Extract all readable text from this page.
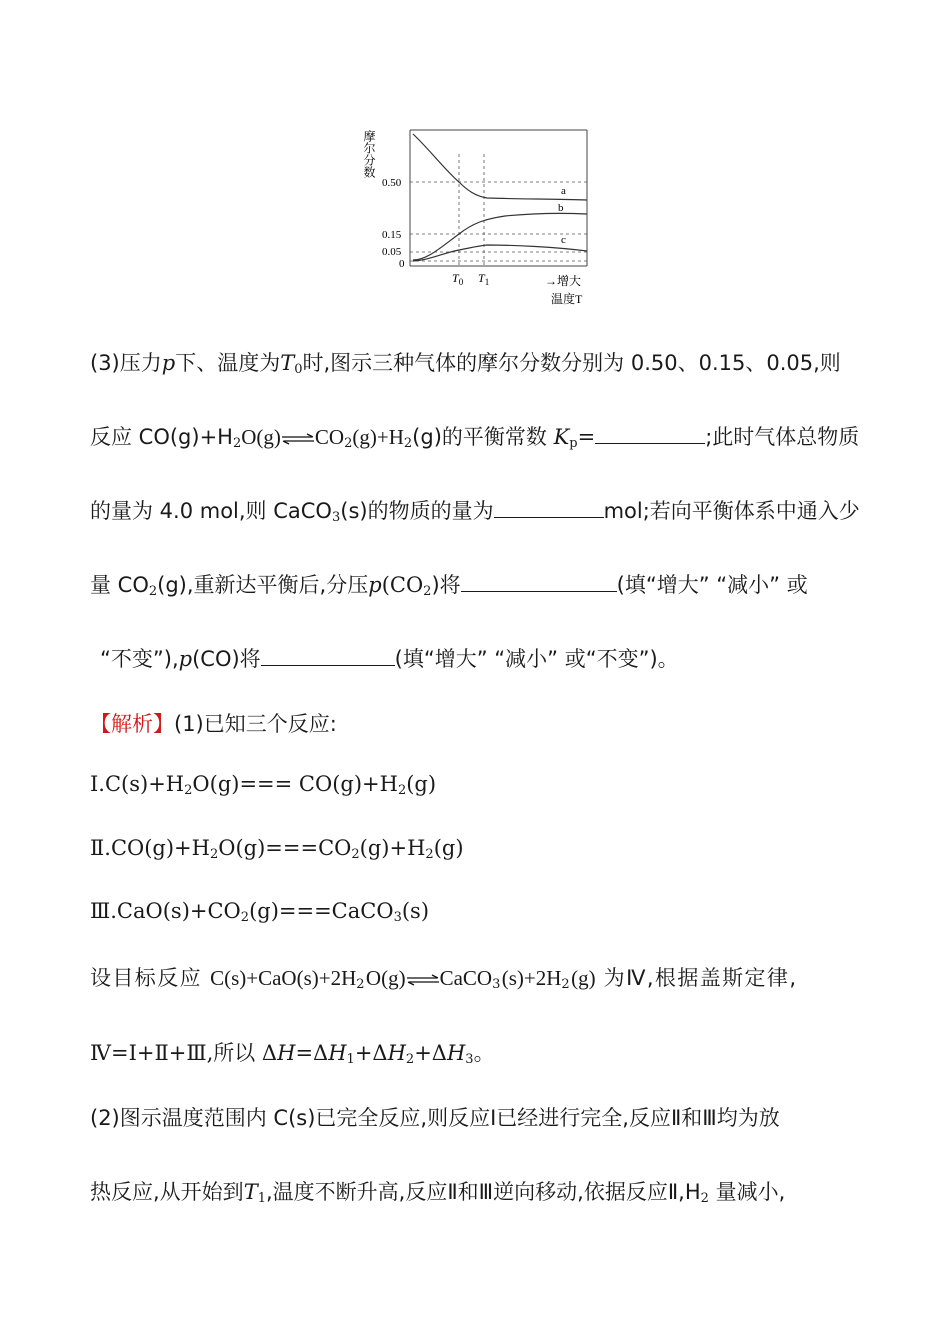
摩尔分数
a
b
c
0.50
0.15
0.05
0
$T_0$ $T_1$	→增大
温度T
(3)压力p下、温度为$T_0$时,图示三种气体的摩尔分数分别为 0.50、0.15、0.05,则
反应 $CO(g)+H_2O(g)\rightleftharpoons CO_2(g)+H_2(g)$的平衡常数 $K_p=$	;此时气体总物质
的量为 4.0 mol,则 CaCO$_3$(s)的物质的量为	mol;若向平衡体系中通入少
量 $CO_2(g)$,重新达平衡后,分压$p(CO_2)$将	(填“增大” “减小” 或
“不变”),p(CO)将	(填“增大” “减小” 或“不变”)。
【解析】(1)已知三个反应:
$Ⅰ.C(s)+H_2O(g)=== CO(g)+H_2(g)$
$Ⅱ.CO(g)+H_2O(g)===CO_2(g)+H_2(g)$
$Ⅲ.CaO(s)+CO_2(g)===CaCO_3(s)$
设目标反应 $C(s)+CaO(s)+2H_2O(g)\rightleftharpoons CaCO_3(s)+2H_2(g)$ 为Ⅳ,根据盖斯定律,
Ⅳ=Ⅰ+Ⅱ+Ⅲ,所以 $\Delta H=\Delta H_1+\Delta H_2+\Delta H_3$。
(2)图示温度范围内 C(s)已完全反应,则反应Ⅰ已经进行完全,反应Ⅱ和Ⅲ均为放
热反应,从开始到$T_1$,温度不断升高,反应Ⅱ和Ⅲ逆向移动,依据反应$Ⅱ,H_2$ 量减小,
